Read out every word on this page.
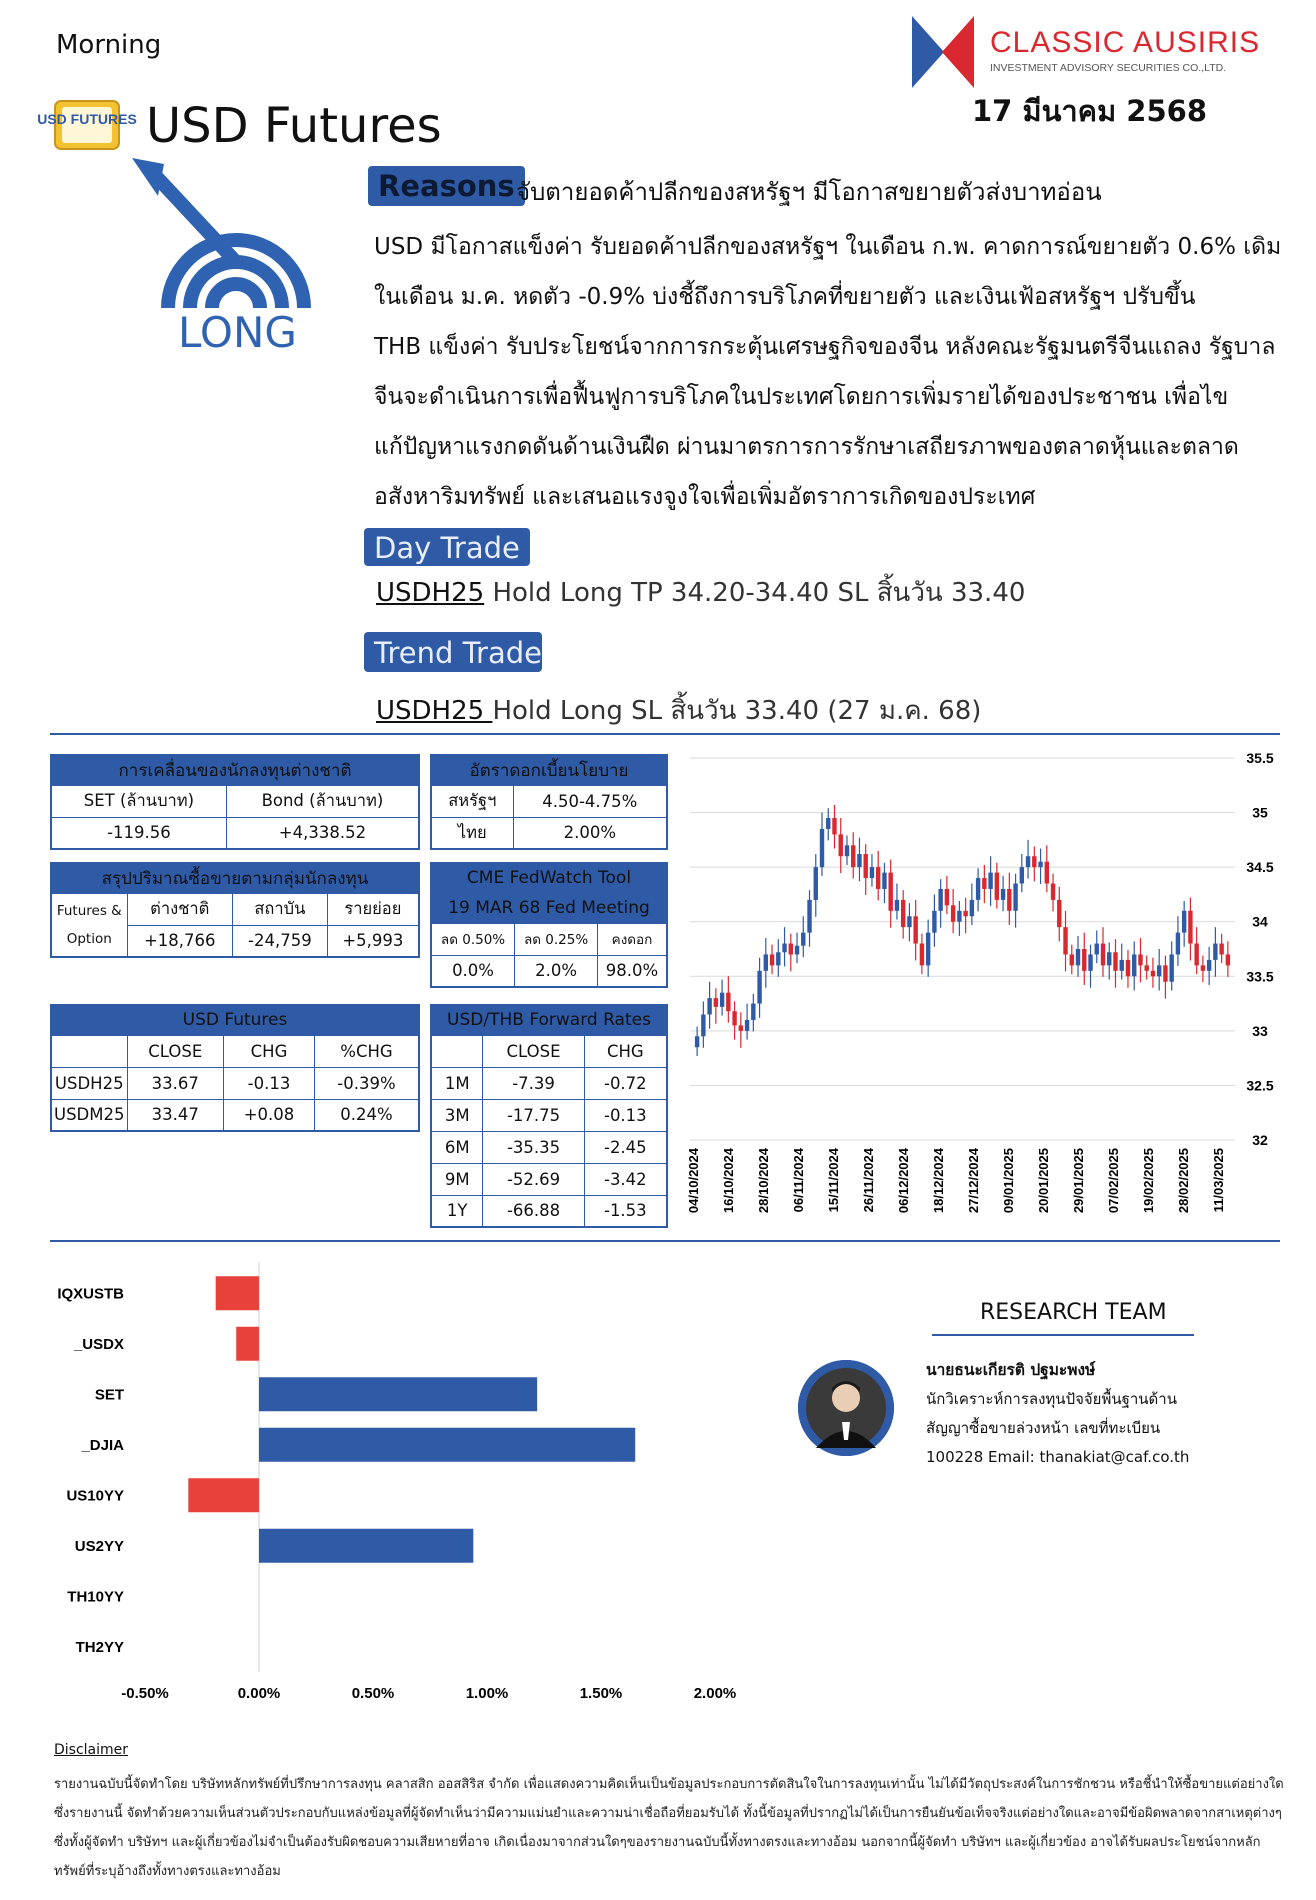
Morning	CLASSIC AUSIRIS
INVESTMENT ADVISORY SECURITIES CO.,LTD.
17 มีนาคม 2568
USD FUTURES USD Futures
LONG
Reasons จับตายอดค้าปลีกของสหรัฐฯ มีโอกาสขยายตัวส่งบาทอ่อน

USD มีโอกาสแข็งค่า รับยอดค้าปลีกของสหรัฐฯ ในเดือน ก.พ. คาดการณ์ขยายตัว 0.6% เดิม

ในเดือน ม.ค. หดตัว -0.9% บ่งชี้ถึงการบริโภคที่ขยายตัว และเงินเฟ้อสหรัฐฯ ปรับขึ้น

THB แข็งค่า รับประโยชน์จากการกระตุ้นเศรษฐกิจของจีน หลังคณะรัฐมนตรีจีนแถลง รัฐบาล

จีนจะดำเนินการเพื่อฟื้นฟูการบริโภคในประเทศโดยการเพิ่มรายได้ของประชาชน เพื่อไข

แก้ปัญหาแรงกดดันด้านเงินฝืด ผ่านมาตรการการรักษาเสถียรภาพของตลาดหุ้นและตลาด

อสังหาริมทรัพย์ และเสนอแรงจูงใจเพื่อเพิ่มอัตราการเกิดของประเทศ

Day Trade
USDH25 Hold Long TP 34.20-34.40 SL สิ้นวัน 33.40
Trend Trade
USDH25 Hold Long SL สิ้นวัน 33.40 (27 ม.ค. 68)
การเคลื่อนของนักลงทุนต่างชาติ	
SET (ล้านบาท)	Bond (ล้านบาท)
-119.56	+4,338.52
อัตราดอกเบี้ยนโยบาย	
สหรัฐฯ	4.50-4.75%
ไทย	2.00%
สรุปปริมาณซื้อขายตามกลุ่มนักลงทุน			

Futures &
Option	ต่างชาติ	สถาบัน	รายย่อย
	+18,766	-24,759	+5,993
CME FedWatch Tool		
19 MAR 68 Fed Meeting		
ลด 0.50%	ลด 0.25%	คงดอก
0.0%	2.0%	98.0%
USD Futures			
	CLOSE	CHG	%CHG
USDH25	33.67	-0.13	-0.39%
USDM25	33.47	+0.08	0.24%
USD/THB Forward Rates		
	CLOSE	CHG
1M	-7.39	-0.72
3M	-17.75	-0.13
6M	-35.35	-2.45
9M	-52.69	-3.42
1Y	-66.88	-1.53
35.5
35
34.5
34
33.5
33
32.5
32
04/10/2024 16/10/2024 28/10/2024 06/11/2024 15/11/2024 26/11/2024 06/12/2024 18/12/2024 27/12/2024 09/01/2025 20/01/2025 29/01/2025 07/02/2025 19/02/2025 28/02/2025 11/03/2025
IQXUSTB
_USDX
SET
_DJIA
US10YY
US2YY
TH10YY
TH2YY
-0.50%	0.00%	0.50%	1.00%	1.50%	2.00%
RESEARCH TEAM
นายธนะเกียรติ ปฐมะพงษ์
นักวิเคราะห์การลงทุนปัจจัยพื้นฐานด้าน
สัญญาซื้อขายล่วงหน้า เลขที่ทะเบียน
100228 Email: thanakiat@caf.co.th
Disclaimer
รายงานฉบับนี้จัดทำโดย บริษัทหลักทรัพย์ที่ปรึกษาการลงทุน คลาสสิก ออสสิริส จำกัด เพื่อแสดงความคิดเห็นเป็นข้อมูลประกอบการตัดสินใจในการลงทุนเท่านั้น ไม่ได้มีวัตถุประสงค์ในการชักชวน หรือชี้นำให้ซื้อขายแต่อย่างใด ซึ่งรายงานนี้ จัดทำด้วยความเห็นส่วนตัวประกอบกับแหล่งข้อมูลที่ผู้จัดทำเห็นว่ามีความแม่นยำและความน่าเชื่อถือที่ยอมรับได้ ทั้งนี้ข้อมูลที่ปรากฏไม่ได้เป็นการยืนยันข้อเท็จจริงแต่อย่างใดและอาจมีข้อผิดพลาดจากสาเหตุต่างๆ ซึ่งทั้งผู้จัดทำ บริษัทฯ และผู้เกี่ยวข้องไม่จำเป็นต้องรับผิดชอบความเสียหายที่อาจ เกิดเนื่องมาจากส่วนใดๆของรายงานฉบับนี้ทั้งทางตรงและทางอ้อม นอกจากนี้ผู้จัดทำ บริษัทฯ และผู้เกี่ยวข้อง อาจได้รับผลประโยชน์จากหลักทรัพย์ที่ระบุอ้างถึงทั้งทางตรงและทางอ้อม
